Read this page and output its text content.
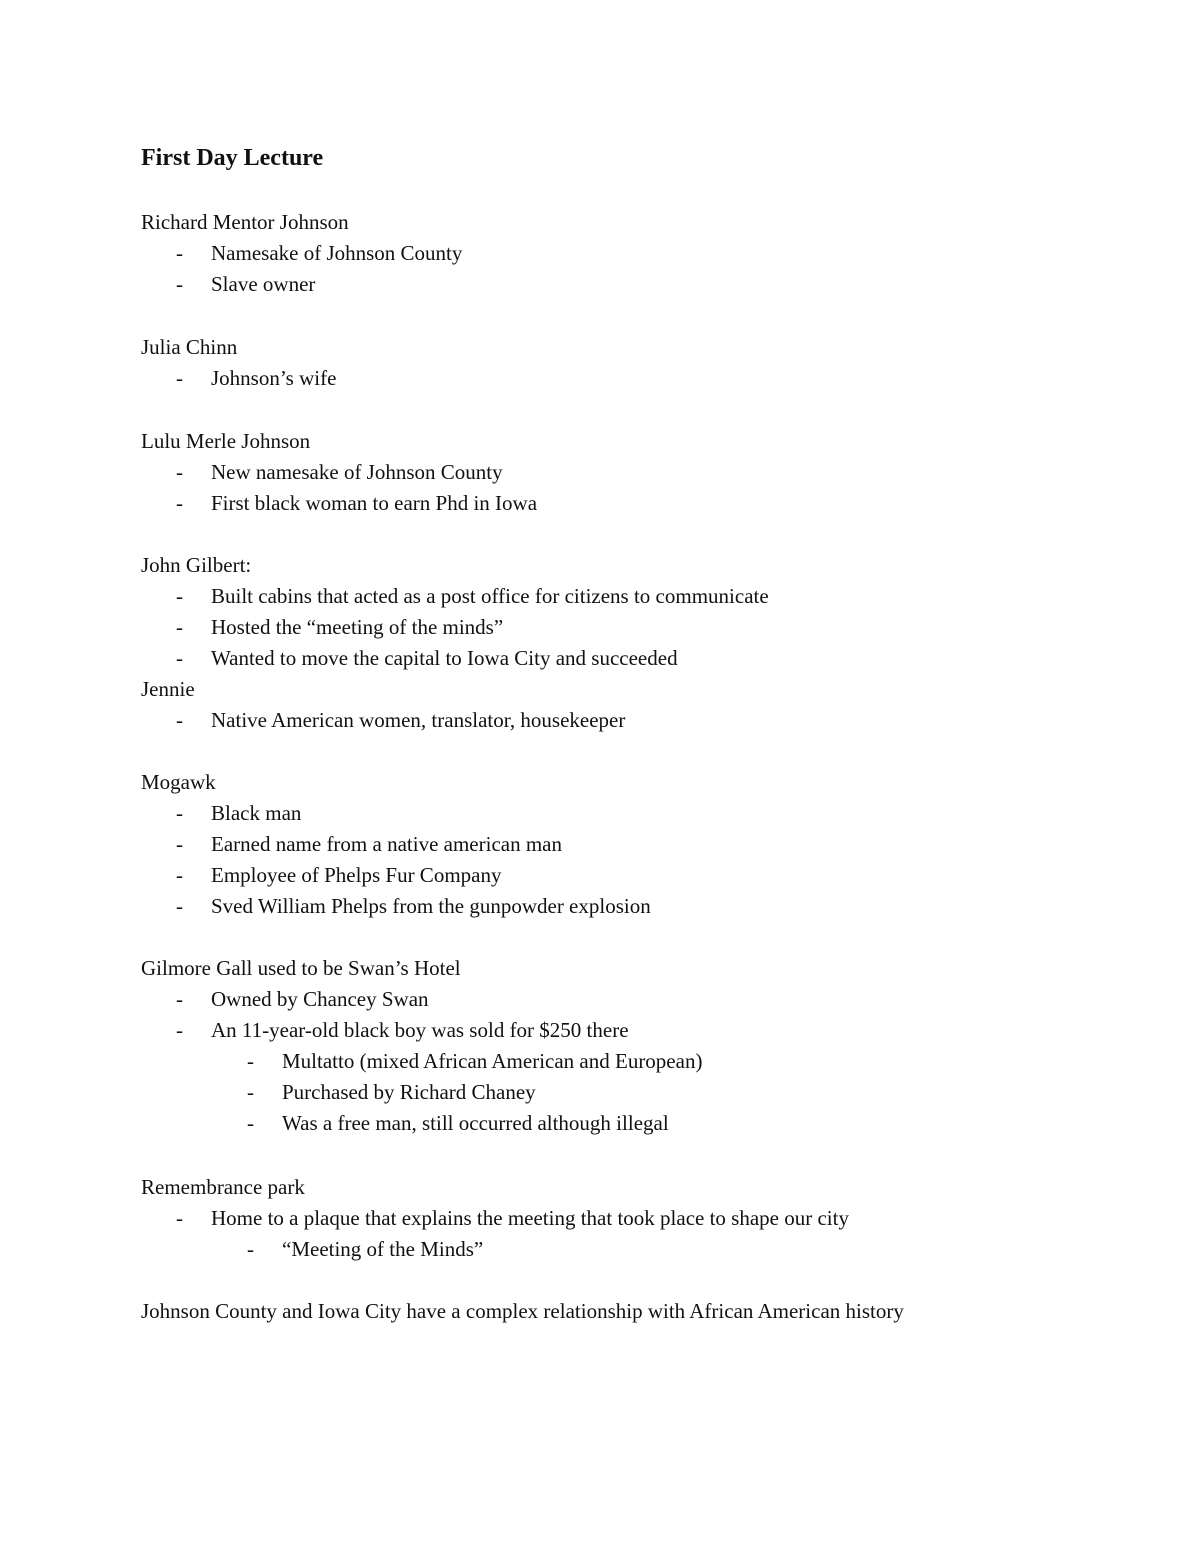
First Day Lecture
Richard Mentor Johnson
- Namesake of Johnson County
- Slave owner
Julia Chinn
- Johnson’s wife
Lulu Merle Johnson
- New namesake of Johnson County
- First black woman to earn Phd in Iowa
John Gilbert:
- Built cabins that acted as a post office for citizens to communicate
- Hosted the “meeting of the minds”
- Wanted to move the capital to Iowa City and succeeded
Jennie
- Native American women, translator, housekeeper
Mogawk
- Black man
- Earned name from a native american man
- Employee of Phelps Fur Company
- Sved William Phelps from the gunpowder explosion
Gilmore Gall used to be Swan’s Hotel
- Owned by Chancey Swan
- An 11-year-old black boy was sold for $250 there
- Multatto (mixed African American and European)
- Purchased by Richard Chaney
- Was a free man, still occurred although illegal
Remembrance park
- Home to a plaque that explains the meeting that took place to shape our city
- “Meeting of the Minds”
Johnson County and Iowa City have a complex relationship with African American history
